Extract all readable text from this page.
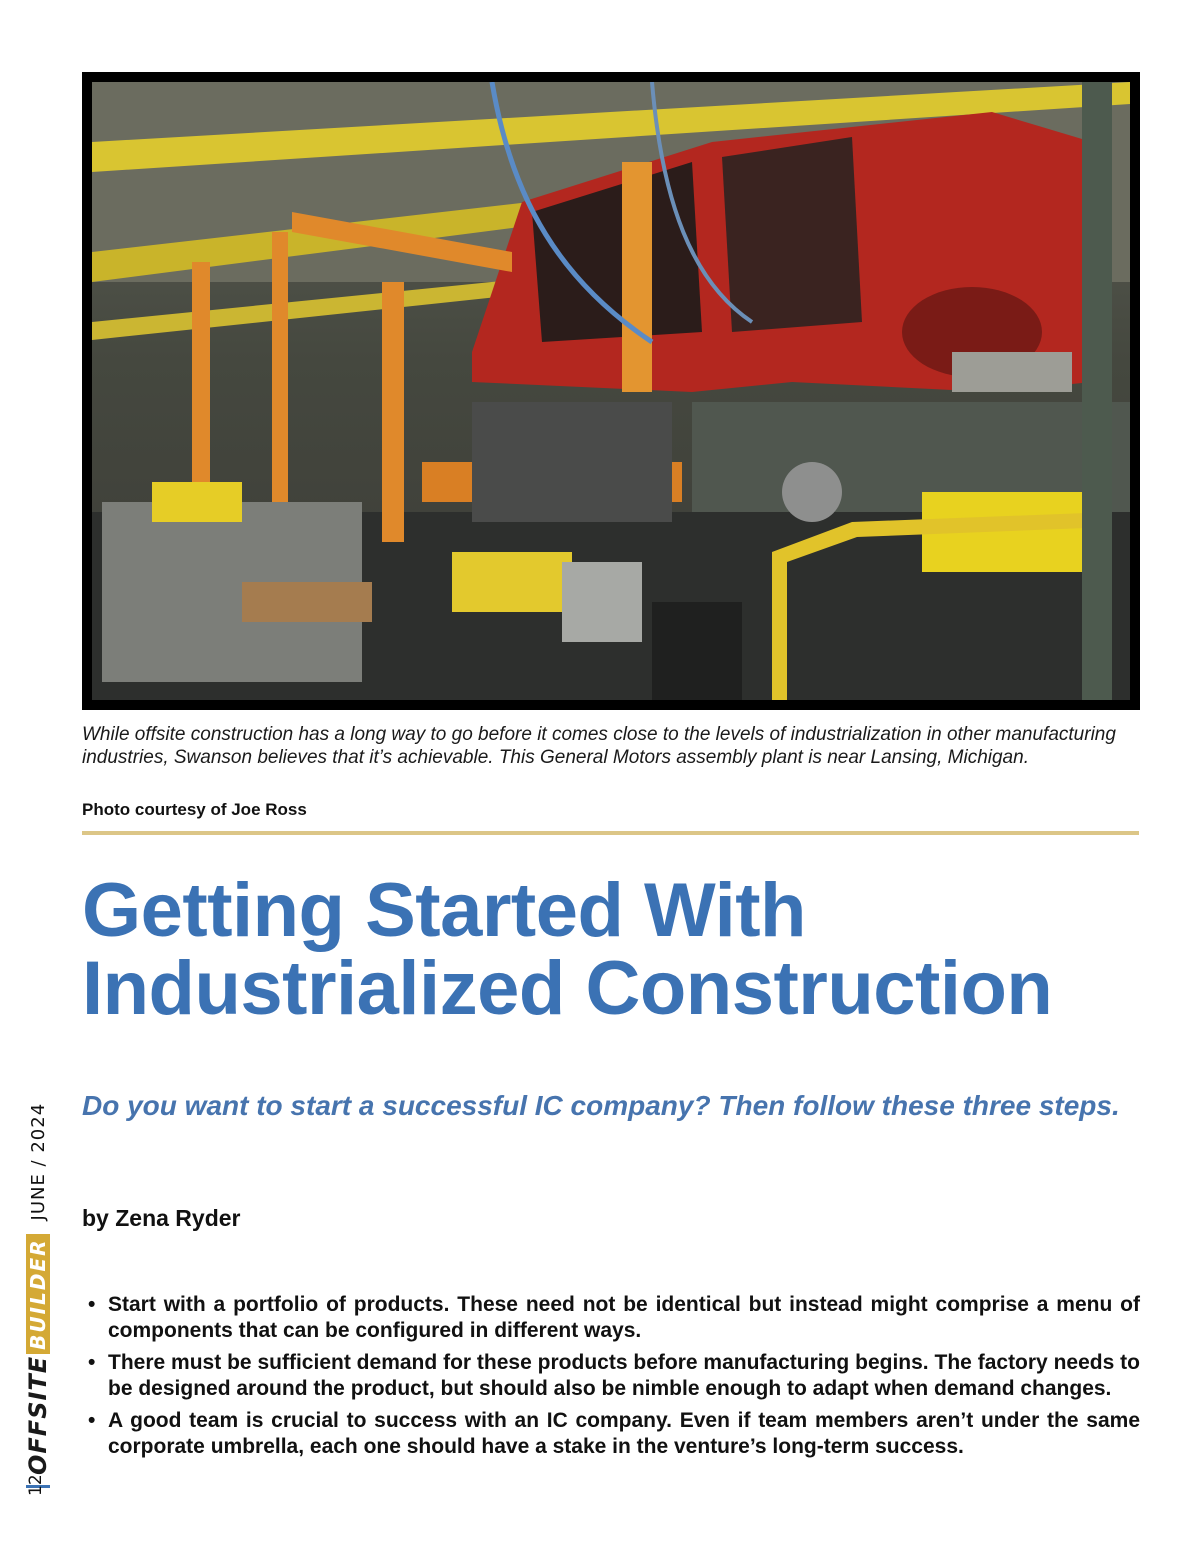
While offsite construction has a long way to go before it comes close to the levels of industrialization in other manufacturing industries, Swanson believes that it’s achievable. This General Motors assembly plant is near Lansing, Michigan.

Photo courtesy of Joe Ross

Getting Started With
Industrialized Construction

Do you want to start a successful IC company? Then follow these three steps.

by Zena Ryder

• Start with a portfolio of products. These need not be identical but instead might comprise a menu of components that can be configured in different ways.
• There must be sufficient demand for these products before manufacturing begins. The factory needs to be designed around the product, but should also be nimble enough to adapt when demand changes.
• A good team is crucial to success with an IC company. Even if team members aren’t under the same corporate umbrella, each one should have a stake in the venture’s long-term success.
OFFSITE
BUILDER
JUNE / 2024
12
